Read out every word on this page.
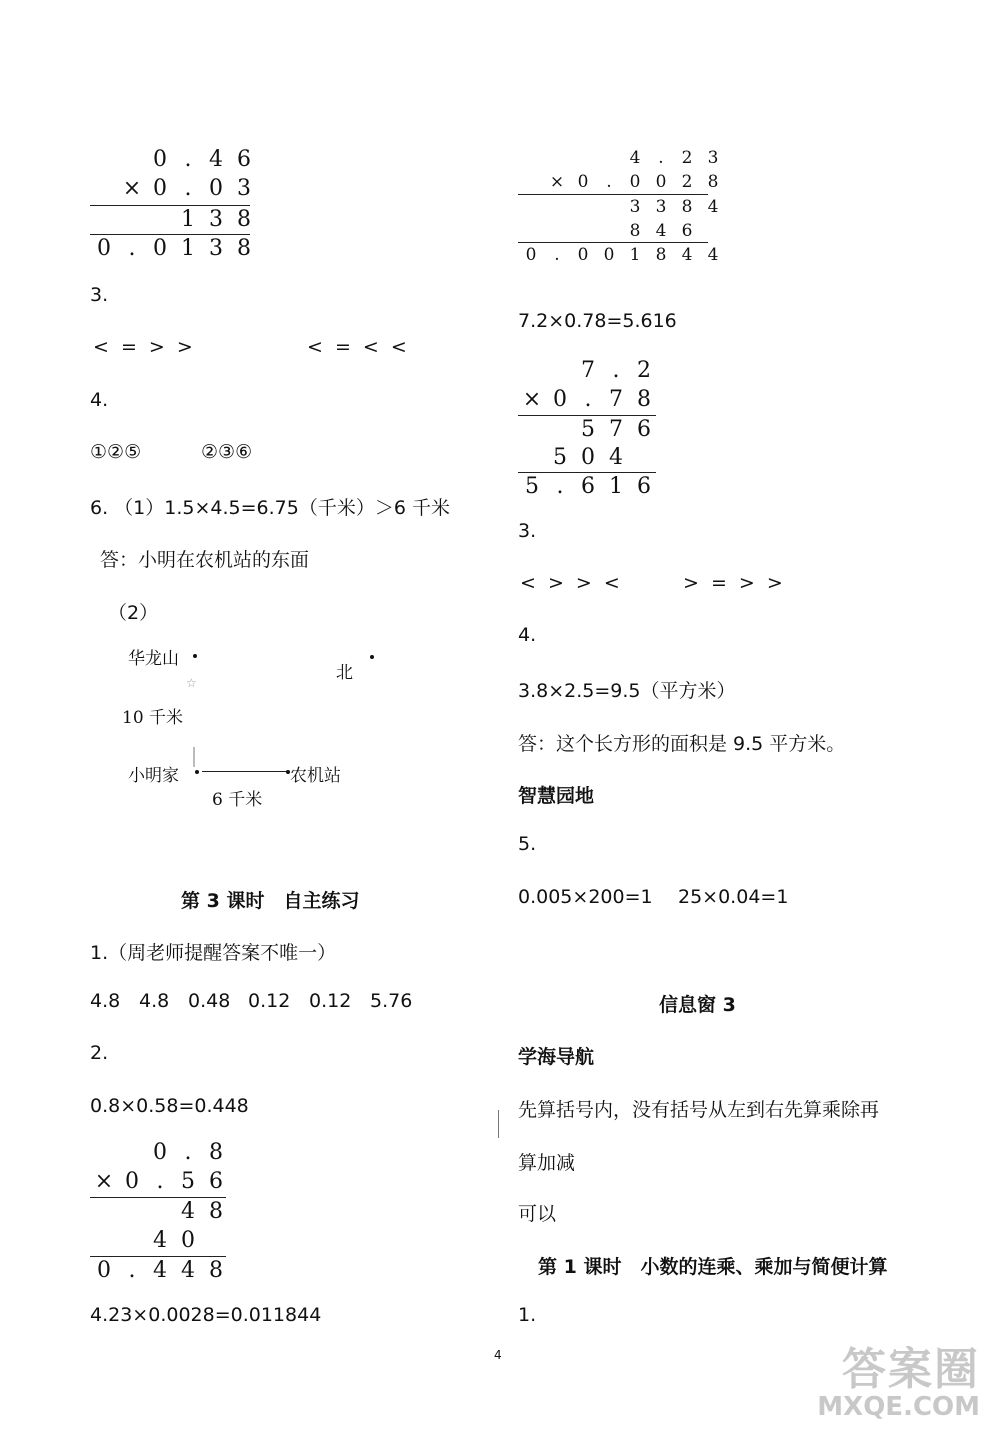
0 . 4 6
× 0 . 0 3
1 3 8
0 . 0 1 3 8
3.
< = > >	< = < <
4.
①②⑤	②③⑥
6. （1）1.5×4.5=6.75（千米）＞6 千米
答：小明在农机站的东面
（2）
华龙山
北
☆
10 千米
小明家	农机站
6 千米
第 3 课时　自主练习
1.（周老师提醒答案不唯一）
4.8 4.8 0.48 0.12 0.12 5.76
2.
0.8×0.58=0.448
0 . 8
× 0 . 5 6
4 8
4 0
0 . 4 4 8
4.23×0.0028=0.011844
4	.	2 3
× 0	.	0 0 2 8
3 3 8 4
8 4 6
0	.	0 0 1 8 4 4
7.2×0.78=5.616
7 . 2
× 0 . 7 8
5 7 6
5 0 4
5 . 6 1 6
3.
< > > <	> = > >
4.
3.8×2.5=9.5（平方米）
答：这个长方形的面积是 9.5 平方米。
智慧园地
5.
0.005×200=1 25×0.04=1
信息窗 3
学海导航
先算括号内，没有括号从左到右先算乘除再
算加减
可以
第 1 课时　小数的连乘、乘加与简便计算
1.
4	答案圈
MXQE.COM
